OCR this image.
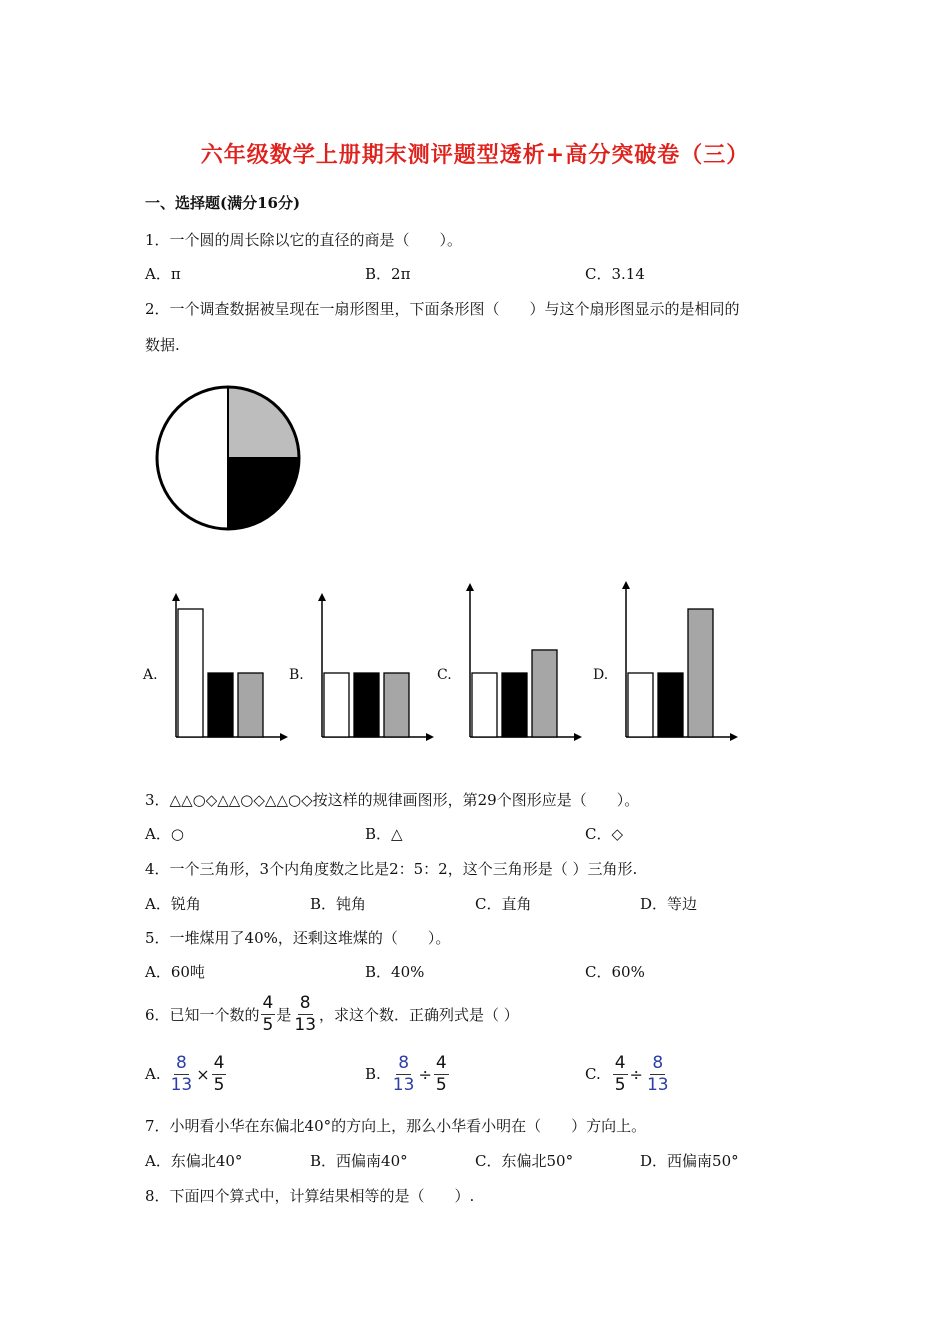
六年级数学上册期末测评题型透析+高分突破卷（三）
一、选择题(满分16分)
1．一个圆的周长除以它的直径的商是（　　）。
A．π	B．2π	C．3.14
2．一个调查数据被呈现在一扇形图里，下面条形图（　　）与这个扇形图显示的是相同的
数据.
A.	B.	C.	D.
3．△△○◇△△○◇△△○◇按这样的规律画图形，第29个图形应是（　　）。
A．○	B．△	C．◇
4．一个三角形，3个内角度数之比是2：5：2，这个三角形是（ ）三角形.
A．锐角	B．钝角	C．直角	D．等边
5．一堆煤用了40%，还剩这堆煤的（　　）。
A．60吨	B．40%	C．60%
6．已知一个数的 $\frac{4}{5}$ 是 $\frac{8}{13}$ ，求这个数．正确列式是（ ）
A. $\frac{8}{13} \times \frac{4}{5}$	B. $\frac{8}{13} \div \frac{4}{5}$	C. $\frac{4}{5} \div \frac{8}{13}$
7．小明看小华在东偏北40°的方向上，那么小华看小明在（　　）方向上。
A．东偏北40°	B．西偏南40°	C．东偏北50°	D．西偏南50°
8．下面四个算式中，计算结果相等的是（　　）.
